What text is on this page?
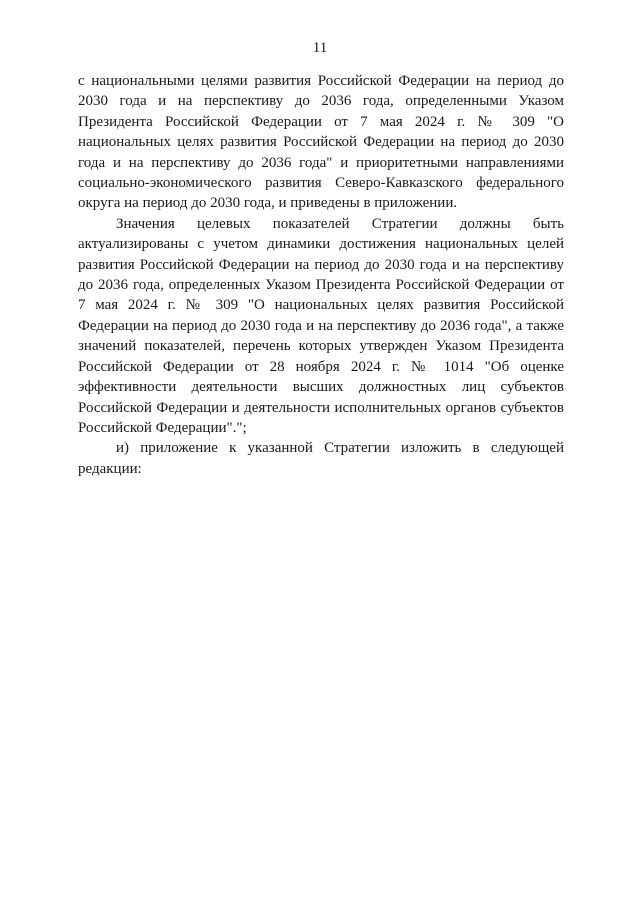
11

с национальными целями развития Российской Федерации на период до 2030 года и на перспективу до 2036 года, определенными Указом Президента Российской Федерации от 7 мая 2024 г. № 309 "О национальных целях развития Российской Федерации на период до 2030 года и на перспективу до 2036 года" и приоритетными направлениями социально-экономического развития Северо-Кавказского федерального округа на период до 2030 года, и приведены в приложении.

Значения целевых показателей Стратегии должны быть актуализированы с учетом динамики достижения национальных целей развития Российской Федерации на период до 2030 года и на перспективу до 2036 года, определенных Указом Президента Российской Федерации от 7 мая 2024 г. № 309 "О национальных целях развития Российской Федерации на период до 2030 года и на перспективу до 2036 года", а также значений показателей, перечень которых утвержден Указом Президента Российской Федерации от 28 ноября 2024 г. № 1014 "Об оценке эффективности деятельности высших должностных лиц субъектов Российской Федерации и деятельности исполнительных органов субъектов Российской Федерации".";

и) приложение к указанной Стратегии изложить в следующей редакции:
